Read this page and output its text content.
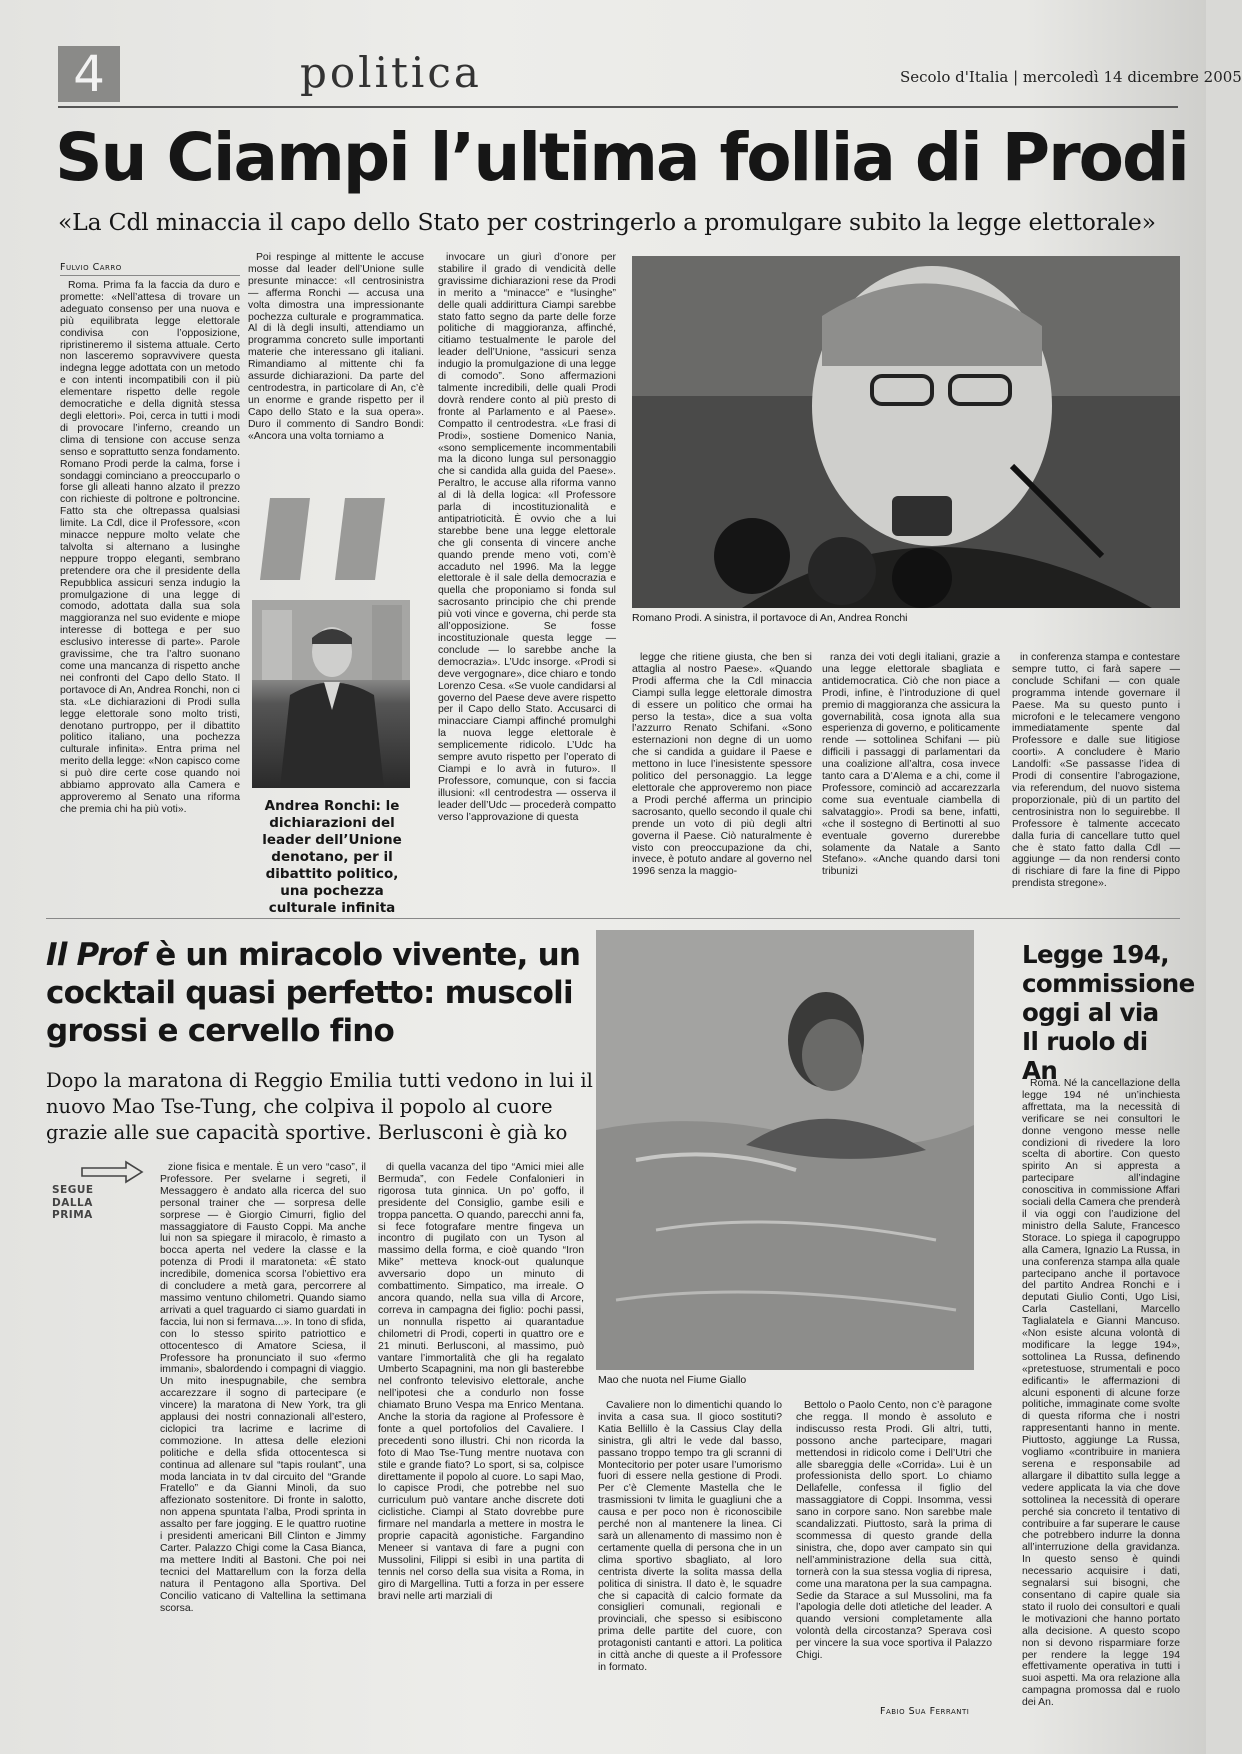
4	politica	Secolo d'Italia | mercoledì 14 dicembre 2005
Su Ciampi l’ultima follia di Prodi
«La Cdl minaccia il capo dello Stato per costringerlo a promulgare subito la legge elettorale»
Fulvio Carro

Roma. Prima fa la faccia da duro e promette: «Nell’attesa di trovare un adeguato consenso per una nuova e più equilibrata legge elettorale condivisa con l’opposizione, ripristineremo il sistema attuale. Certo non lasceremo sopravvivere questa indegna legge adottata con un metodo e con intenti incompatibili con il più elementare rispetto delle regole democratiche e della dignità stessa degli elettori». Poi, cerca in tutti i modi di provocare l’inferno, creando un clima di tensione con accuse senza senso e soprattutto senza fondamento. Romano Prodi perde la calma, forse i sondaggi cominciano a preoccuparlo o forse gli alleati hanno alzato il prezzo con richieste di poltrone e poltroncine. Fatto sta che oltrepassa qualsiasi limite. La Cdl, dice il Professore, «con minacce neppure molto velate che talvolta si alternano a lusinghe neppure troppo eleganti, sembrano pretendere ora che il presidente della Repubblica assicuri senza indugio la promulgazione di una legge di comodo, adottata dalla sua sola maggioranza nel suo evidente e miope interesse di bottega e per suo esclusivo interesse di parte». Parole gravissime, che tra l’altro suonano come una mancanza di rispetto anche nei confronti del Capo dello Stato. Il portavoce di An, Andrea Ronchi, non ci sta. «Le dichiarazioni di Prodi sulla legge elettorale sono molto tristi, denotano purtroppo, per il dibattito politico italiano, una pochezza culturale infinita». Entra prima nel merito della legge: «Non capisco come si può dire certe cose quando noi abbiamo approvato alla Camera e approveremo al Senato una riforma che premia chi ha più voti».

Poi respinge al mittente le accuse mosse dal leader dell’Unione sulle presunte minacce: «Il centrosinistra — afferma Ronchi — accusa una volta dimostra una impressionante pochezza culturale e programmatica. Al di là degli insulti, attendiamo un programma concreto sulle importanti materie che interessano gli italiani. Rimandiamo al mittente chi fa assurde dichiarazioni. Da parte del centrodestra, in particolare di An, c’è un enorme e grande rispetto per il Capo dello Stato e la sua opera». Duro il commento di Sandro Bondi: «Ancora una volta torniamo a

Andrea Ronchi: le dichiarazioni del leader dell’Unione denotano, per il dibattito politico, una pochezza culturale infinita

invocare un giurì d’onore per stabilire il grado di vendicità delle gravissime dichiarazioni rese da Prodi in merito a “minacce” e “lusinghe” delle quali addirittura Ciampi sarebbe stato fatto segno da parte delle forze politiche di maggioranza, affinché, citiamo testualmente le parole del leader dell’Unione, “assicuri senza indugio la promulgazione di una legge di comodo”. Sono affermazioni talmente incredibili, delle quali Prodi dovrà rendere conto al più presto di fronte al Parlamento e al Paese». Compatto il centrodestra. «Le frasi di Prodi», sostiene Domenico Nania, «sono semplicemente incommentabili ma la dicono lunga sul personaggio che si candida alla guida del Paese». Peraltro, le accuse alla riforma vanno al di là della logica: «Il Professore parla di incostituzionalità e antipatrioticità. È ovvio che a lui starebbe bene una legge elettorale che gli consenta di vincere anche quando prende meno voti, com’è accaduto nel 1996. Ma la legge elettorale è il sale della democrazia e quella che proponiamo si fonda sul sacrosanto principio che chi prende più voti vince e governa, chi perde sta all’opposizione. Se fosse incostituzionale questa legge — conclude — lo sarebbe anche la democrazia». L’Udc insorge. «Prodi si deve vergognare», dice chiaro e tondo Lorenzo Cesa. «Se vuole candidarsi al governo del Paese deve avere rispetto per il Capo dello Stato. Accusarci di minacciare Ciampi affinché promulghi la nuova legge elettorale è semplicemente ridicolo. L’Udc ha sempre avuto rispetto per l’operato di Ciampi e lo avrà in futuro». Il Professore, comunque, con si faccia illusioni: «Il centrodestra — osserva il leader dell’Udc — procederà compatto verso l’approvazione di questa

Romano Prodi. A sinistra, il portavoce di An, Andrea Ronchi

legge che ritiene giusta, che ben si attaglia al nostro Paese». «Quando Prodi afferma che la Cdl minaccia Ciampi sulla legge elettorale dimostra di essere un politico che ormai ha perso la testa», dice a sua volta l’azzurro Renato Schifani. «Sono esternazioni non degne di un uomo che si candida a guidare il Paese e mettono in luce l’inesistente spessore politico del personaggio. La legge elettorale che approveremo non piace a Prodi perché afferma un principio sacrosanto, quello secondo il quale chi prende un voto di più degli altri governa il Paese. Ciò naturalmente è visto con preoccupazione da chi, invece, è potuto andare al governo nel 1996 senza la maggio-

ranza dei voti degli italiani, grazie a una legge elettorale sbagliata e antidemocratica. Ciò che non piace a Prodi, infine, è l’introduzione di quel premio di maggioranza che assicura la governabilità, cosa ignota alla sua esperienza di governo, e politicamente rende — sottolinea Schifani — più difficili i passaggi di parlamentari da una coalizione all’altra, cosa invece tanto cara a D’Alema e a chi, come il Professore, cominciò ad accarezzarla come sua eventuale ciambella di salvataggio». Prodi sa bene, infatti, «che il sostegno di Bertinotti al suo eventuale governo durerebbe solamente da Natale a Santo Stefano». «Anche quando darsi toni tribunizi

in conferenza stampa e contestare sempre tutto, ci farà sapere — conclude Schifani — con quale programma intende governare il Paese. Ma su questo punto i microfoni e le telecamere vengono immediatamente spente dal Professore e dalle sue litigiose coorti». A concludere è Mario Landolfi: «Se passasse l’idea di Prodi di consentire l’abrogazione, via referendum, del nuovo sistema proporzionale, più di un partito del centrosinistra non lo seguirebbe. Il Professore è talmente accecato dalla furia di cancellare tutto quel che è stato fatto dalla Cdl — aggiunge — da non rendersi conto di rischiare di fare la fine di Pippo prendista stregone».

Il Prof è un miracolo vivente, un cocktail quasi perfetto: muscoli grossi e cervello fino
Dopo la maratona di Reggio Emilia tutti vedono in lui il nuovo Mao Tse-Tung, che colpiva il popolo al cuore grazie alle sue capacità sportive. Berlusconi è già ko
SEGUE DALLA PRIMA

zione fisica e mentale. È un vero “caso”, il Professore. Per svelarne i segreti, il Messaggero è andato alla ricerca del suo personal trainer che — sorpresa delle sorprese — è Giorgio Cimurri, figlio del massaggiatore di Fausto Coppi. Ma anche lui non sa spiegare il miracolo, è rimasto a bocca aperta nel vedere la classe e la potenza di Prodi il maratoneta: «È stato incredibile, domenica scorsa l’obiettivo era di concludere a metà gara, percorrere al massimo ventuno chilometri. Quando siamo arrivati a quel traguardo ci siamo guardati in faccia, lui non si fermava...». In tono di sfida, con lo stesso spirito patriottico e ottocentesco di Amatore Sciesa, il Professore ha pronunciato il suo «fermo immani», sbalordendo i compagni di viaggio. Un mito inespugnabile, che sembra accarezzare il sogno di partecipare (e vincere) la maratona di New York, tra gli applausi dei nostri connazionali all’estero, ciclopici tra lacrime e lacrime di commozione. In attesa delle elezioni politiche e della sfida ottocentesca si continua ad allenare sul “tapis roulant”, una moda lanciata in tv dal circuito del “Grande Fratello” e da Gianni Minoli, da suo affezionato sostenitore. Di fronte in salotto, non appena spuntata l’alba, Prodi sprinta in assalto per fare jogging. E le quattro ruotine i presidenti americani Bill Clinton e Jimmy Carter. Palazzo Chigi come la Casa Bianca, ma mettere Inditi al Bastoni. Che poi nei tecnici del Mattarellum con la forza della natura il Pentagono alla Sportiva. Del Concilio vaticano di Valtellina la settimana scorsa.

di quella vacanza del tipo “Amici miei alle Bermuda”, con Fedele Confalonieri in rigorosa tuta ginnica. Un po’ goffo, il presidente del Consiglio, gambe esili e troppa pancetta. O quando, parecchi anni fa, si fece fotografare mentre fingeva un incontro di pugilato con un Tyson al massimo della forma, e cioè quando “Iron Mike” metteva knock-out qualunque avversario dopo un minuto di combattimento. Simpatico, ma irreale. O ancora quando, nella sua villa di Arcore, correva in campagna dei figlio: pochi passi, un nonnulla rispetto ai quarantadue chilometri di Prodi, coperti in quattro ore e 21 minuti. Berlusconi, al massimo, può vantare l’immortalità che gli ha regalato Umberto Scapagnini, ma non gli basterebbe nel confronto televisivo elettorale, anche nell’ipotesi che a condurlo non fosse chiamato Bruno Vespa ma Enrico Mentana. Anche la storia da ragione al Professore è fonte a quel portofolios del Cavaliere. I precedenti sono illustri. Chi non ricorda la foto di Mao Tse-Tung mentre nuotava con stile e grande fiato? Lo sport, si sa, colpisce direttamente il popolo al cuore. Lo sapi Mao, lo capisce Prodi, che potrebbe nel suo curriculum può vantare anche discrete doti ciclistiche. Ciampi al Stato dovrebbe pure firmare nel mandarla a mettere in mostra le proprie capacità agonistiche. Fargandino Meneer si vantava di fare a pugni con Mussolini, Filippi si esibì in una partita di tennis nel corso della sua visita a Roma, in giro di Margellina. Tutti a forza in per essere bravi nelle arti marziali di

Mao che nuota nel Fiume Giallo

Cavaliere non lo dimentichi quando lo invita a casa sua. Il gioco sostituti? Katia Bellillo è la Cassius Clay della sinistra, gli altri le vede dal basso, passano troppo tempo tra gli scranni di Montecitorio per poter usare l’umorismo fuori di essere nella gestione di Prodi. Per c’è Clemente Mastella che le trasmissioni tv limita le guagliuni che a causa e per poco non è riconoscibile perché non al mantenere la linea. Ci sarà un allenamento di massimo non è certamente quella di persona che in un clima sportivo sbagliato, al loro centrista diverte la solita massa della politica di sinistra. Il dato è, le squadre che si capacità di calcio formate da consiglieri comunali, regionali e provinciali, che spesso si esibiscono prima delle partite del cuore, con protagonisti cantanti e attori. La politica in città anche di queste a il Professore in formato.

Bettolo o Paolo Cento, non c’è paragone che regga. Il mondo è assoluto e indiscusso resta Prodi. Gli altri, tutti, possono anche partecipare, magari mettendosi in ridicolo come i Dell’Utri che alle sbareggia delle «Corrida». Lui è un professionista dello sport. Lo chiamo Dellafelle, confessa il figlio del massaggiatore di Coppi. Insomma, vessi sano in corpore sano. Non sarebbe male scandalizzati. Piuttosto, sarà la prima di scommessa di questo grande della sinistra, che, dopo aver campato sin qui nell’amministrazione della sua città, tornerà con la sua stessa voglia di ripresa, come una maratona per la sua campagna. Sedie da Starace a sul Mussolini, ma fa l’apologia delle doti atletiche del leader. A quando versioni completamente alla volontà della circostanza? Sperava così per vincere la sua voce sportiva il Palazzo Chigi.

Fabio Sua Ferranti
Legge 194, commissione oggi al via Il ruolo di An

Roma. Né la cancellazione della legge 194 né un’inchiesta affrettata, ma la necessità di verificare se nei consultori le donne vengono messe nelle condizioni di rivedere la loro scelta di abortire. Con questo spirito An si appresta a partecipare all’indagine conoscitiva in commissione Affari sociali della Camera che prenderà il via oggi con l’audizione del ministro della Salute, Francesco Storace. Lo spiega il capogruppo alla Camera, Ignazio La Russa, in una conferenza stampa alla quale partecipano anche il portavoce del partito Andrea Ronchi e i deputati Giulio Conti, Ugo Lisi, Carla Castellani, Marcello Taglialatela e Gianni Mancuso. «Non esiste alcuna volontà di modificare la legge 194», sottolinea La Russa, definendo «pretestuose, strumentali e poco edificanti» le affermazioni di alcuni esponenti di alcune forze politiche, immaginate come svolte di questa riforma che i nostri rappresentanti hanno in mente. Piuttosto, aggiunge La Russa, vogliamo «contribuire in maniera serena e responsabile ad allargare il dibattito sulla legge a vedere applicata la via che dove sottolinea la necessità di operare perché sia concreto il tentativo di contribuire a far superare le cause che potrebbero indurre la donna all’interruzione della gravidanza. In questo senso è quindi necessario acquisire i dati, segnalarsi sui bisogni, che consentano di capire quale sia stato il ruolo dei consultori e quali le motivazioni che hanno portato alla decisione. A questo scopo non si devono risparmiare forze per rendere la legge 194 effettivamente operativa in tutti i suoi aspetti. Ma ora relazione alla campagna promossa dal e ruolo dei An.
